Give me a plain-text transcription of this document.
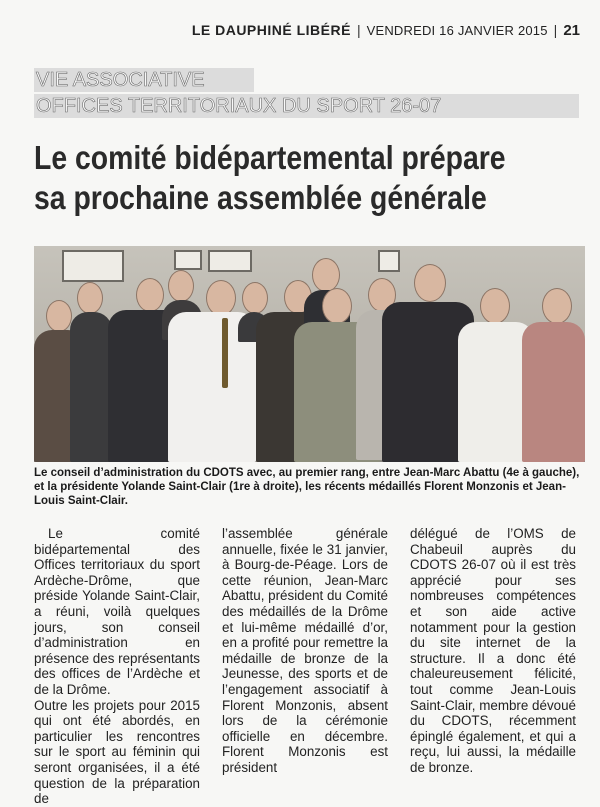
LE DAUPHINÉ LIBÉRÉ | VENDREDI 16 JANVIER 2015 | 21
VIE ASSOCIATIVE
OFFICES TERRITORIAUX DU SPORT 26-07
Le comité bidépartemental prépare
sa prochaine assemblée générale
Le conseil d’administration du CDOTS avec, au premier rang, entre Jean-Marc Abattu (4e à gauche), et la présidente Yolande Saint-Clair (1re à droite), les récents médaillés Florent Monzonis et Jean-Louis Saint-Clair.

Le comité bidépartemental des Offices territoriaux du sport Ardèche-Drôme, que préside Yolande Saint-Clair, a réuni, voilà quelques jours, son conseil d’administration en présence des représentants des offices de l’Ardèche et de la Drôme.

Outre les projets pour 2015 qui ont été abordés, en particulier les rencontres sur le sport au féminin qui seront organisées, il a été question de la préparation de

l’assemblée générale annuelle, fixée le 31 janvier, à Bourg-de-Péage. Lors de cette réunion, Jean-Marc Abattu, président du Comité des médaillés de la Drôme et lui-même médaillé d’or, en a profité pour remettre la médaille de bronze de la Jeunesse, des sports et de l’engagement associatif à Florent Monzonis, absent lors de la cérémonie officielle en décembre. Florent Monzonis est président

délégué de l’OMS de Chabeuil auprès du CDOTS 26-07 où il est très apprécié pour ses nombreuses compétences et son aide active notamment pour la gestion du site internet de la structure. Il a donc été chaleureusement félicité, tout comme Jean-Louis Saint-Clair, membre dévoué du CDOTS, récemment épinglé également, et qui a reçu, lui aussi, la médaille de bronze.
